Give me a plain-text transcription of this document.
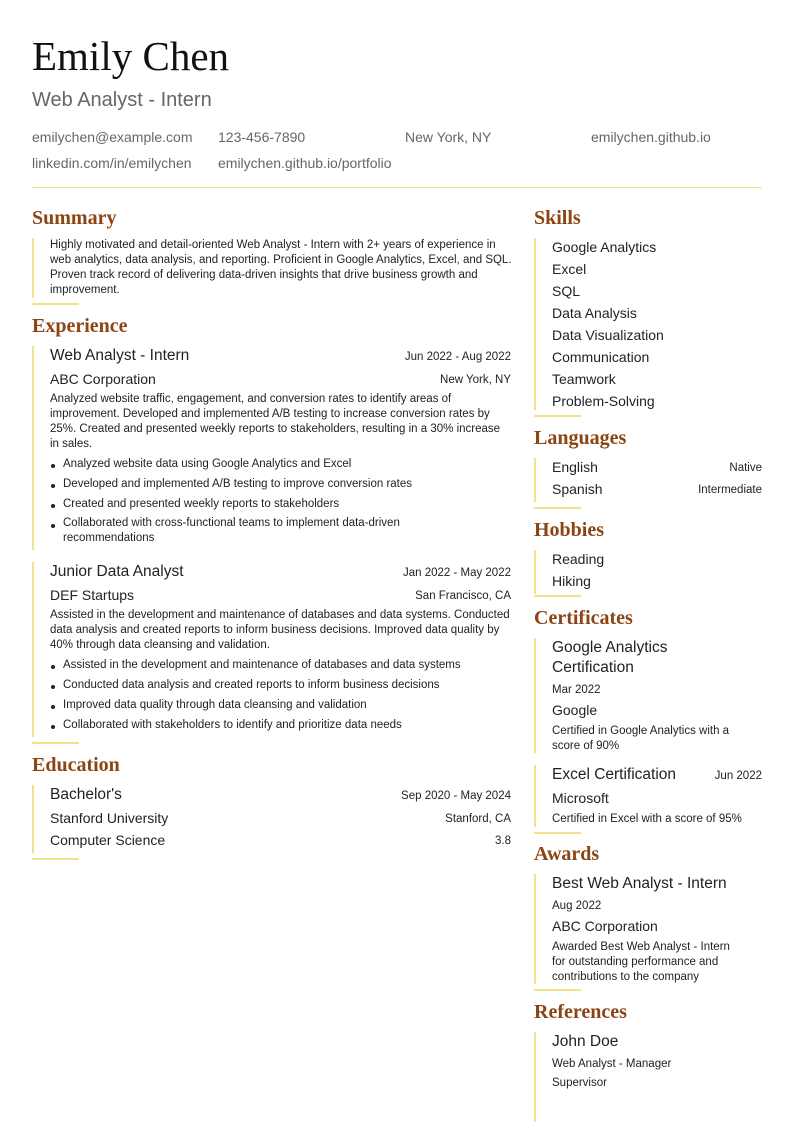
Emily Chen
Web Analyst - Intern
emilychen@example.com 123-456-7890	New York, NY	emilychen.github.io
linkedin.com/in/emilychen emilychen.github.io/portfolio
Summary
Highly motivated and detail-oriented Web Analyst - Intern with 2+ years of experience in web analytics, data analysis, and reporting. Proficient in Google Analytics, Excel, and SQL. Proven track record of delivering data-driven insights that drive business growth and improvement.
Experience
Web Analyst - Intern	Jun 2022 - Aug 2022
ABC Corporation	New York, NY
Analyzed website traffic, engagement, and conversion rates to identify areas of improvement. Developed and implemented A/B testing to increase conversion rates by 25%. Created and presented weekly reports to stakeholders, resulting in a 30% increase in sales.
Analyzed website data using Google Analytics and Excel
Developed and implemented A/B testing to improve conversion rates
Created and presented weekly reports to stakeholders
Collaborated with cross-functional teams to implement data-driven recommendations
Junior Data Analyst	Jan 2022 - May 2022
DEF Startups	San Francisco, CA
Assisted in the development and maintenance of databases and data systems. Conducted data analysis and created reports to inform business decisions. Improved data quality by 40% through data cleansing and validation.
Assisted in the development and maintenance of databases and data systems
Conducted data analysis and created reports to inform business decisions
Improved data quality through data cleansing and validation
Collaborated with stakeholders to identify and prioritize data needs
Education
Bachelor's	Sep 2020 - May 2024
Stanford University	Stanford, CA
Computer Science	3.8
Skills
Google Analytics
Excel
SQL
Data Analysis
Data Visualization
Communication
Teamwork
Problem-Solving
Languages
English	Native
Spanish	Intermediate
Hobbies
Reading
Hiking
Certificates
Google Analytics
Certification
Mar 2022
Google
Certified in Google Analytics with a
score of 90%
Excel Certification	Jun 2022
Microsoft
Certified in Excel with a score of 95%
Awards
Best Web Analyst - Intern
Aug 2022
ABC Corporation
Awarded Best Web Analyst - Intern
for outstanding performance and
contributions to the company
References
John Doe
Web Analyst - Manager
Supervisor
